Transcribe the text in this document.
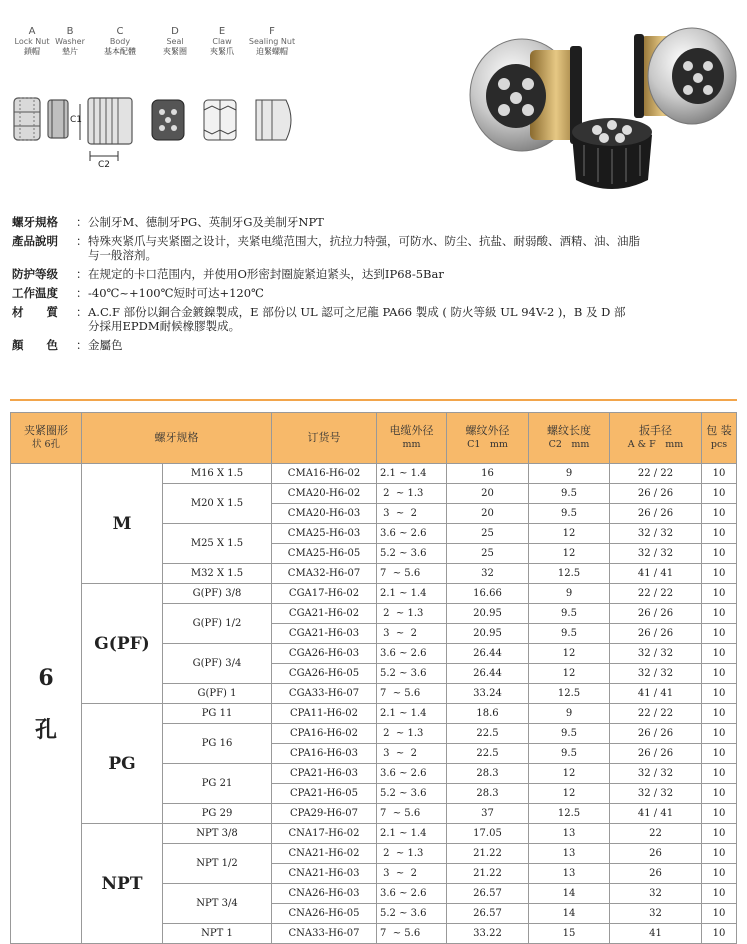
A
Lock Nut
鎖帽
B
Washer
墊片
C
Body
基本配體
D
Seal
夾緊圈
E
Claw
夾緊爪
F
Sealing Nut
迫緊螺帽
C1
C2
螺牙規格	： 公制牙M、德制牙PG、英制牙G及美制牙NPT
產品說明	： 特殊夾紧爪与夹紧圈之设计，夹紧电缆范围大，抗拉力特强，可防水、防尘、抗盐、耐弱酸、酒精、油、油脂
与一般溶剂。
防护等级	： 在规定的卡口范围内，并使用O形密封圈旋紧迫紧头，达到IP68-5Bar
工作温度	： -40℃~+100℃短时可达+120℃
材　　質	： A.C.F 部份以銅合金鍍鎳製成，E 部份以 UL 認可之尼龍 PA66 製成 ( 防火等級 UL 94V-2 )，B 及 D 部
分採用EPDM耐候橡膠製成。
顏　　色	： 金屬色
夹紧圈形
状 6孔	螺牙规格		订货号	电缆外径
mm	螺纹外径
C1　mm	螺纹长度
C2　mm	扳手径
A & F　mm	包 装
pcs

6
孔	M	M16 X 1.5	CMA16-H6-02	2.1 ~ 1.4	16	9	22 / 22	10
		M20 X 1.5	CMA20-H6-02	2  ~ 1.3	20	9.5	26 / 26	10
			CMA20-H6-03	3  ~  2	20	9.5	26 / 26	10
		M25 X 1.5	CMA25-H6-03	3.6 ~ 2.6	25	12	32 / 32	10
			CMA25-H6-05	5.2 ~ 3.6	25	12	32 / 32	10
		M32 X 1.5	CMA32-H6-07	7  ~ 5.6	32	12.5	41 / 41	10
	G(PF)	G(PF) 3/8	CGA17-H6-02	2.1 ~ 1.4	16.66	9	22 / 22	10
		G(PF) 1/2	CGA21-H6-02	2  ~ 1.3	20.95	9.5	26 / 26	10
			CGA21-H6-03	3  ~  2	20.95	9.5	26 / 26	10
		G(PF) 3/4	CGA26-H6-03	3.6 ~ 2.6	26.44	12	32 / 32	10
			CGA26-H6-05	5.2 ~ 3.6	26.44	12	32 / 32	10
		G(PF) 1	CGA33-H6-07	7  ~ 5.6	33.24	12.5	41 / 41	10
	PG	PG 11	CPA11-H6-02	2.1 ~ 1.4	18.6	9	22 / 22	10
		PG 16	CPA16-H6-02	2  ~ 1.3	22.5	9.5	26 / 26	10
			CPA16-H6-03	3  ~  2	22.5	9.5	26 / 26	10
		PG 21	CPA21-H6-03	3.6 ~ 2.6	28.3	12	32 / 32	10
			CPA21-H6-05	5.2 ~ 3.6	28.3	12	32 / 32	10
		PG 29	CPA29-H6-07	7  ~ 5.6	37	12.5	41 / 41	10
	NPT	NPT 3/8	CNA17-H6-02	2.1 ~ 1.4	17.05	13	22	10
		NPT 1/2	CNA21-H6-02	2  ~ 1.3	21.22	13	26	10
			CNA21-H6-03	3  ~  2	21.22	13	26	10
		NPT 3/4	CNA26-H6-03	3.6 ~ 2.6	26.57	14	32	10
			CNA26-H6-05	5.2 ~ 3.6	26.57	14	32	10
		NPT 1	CNA33-H6-07	7  ~ 5.6	33.22	15	41	10
